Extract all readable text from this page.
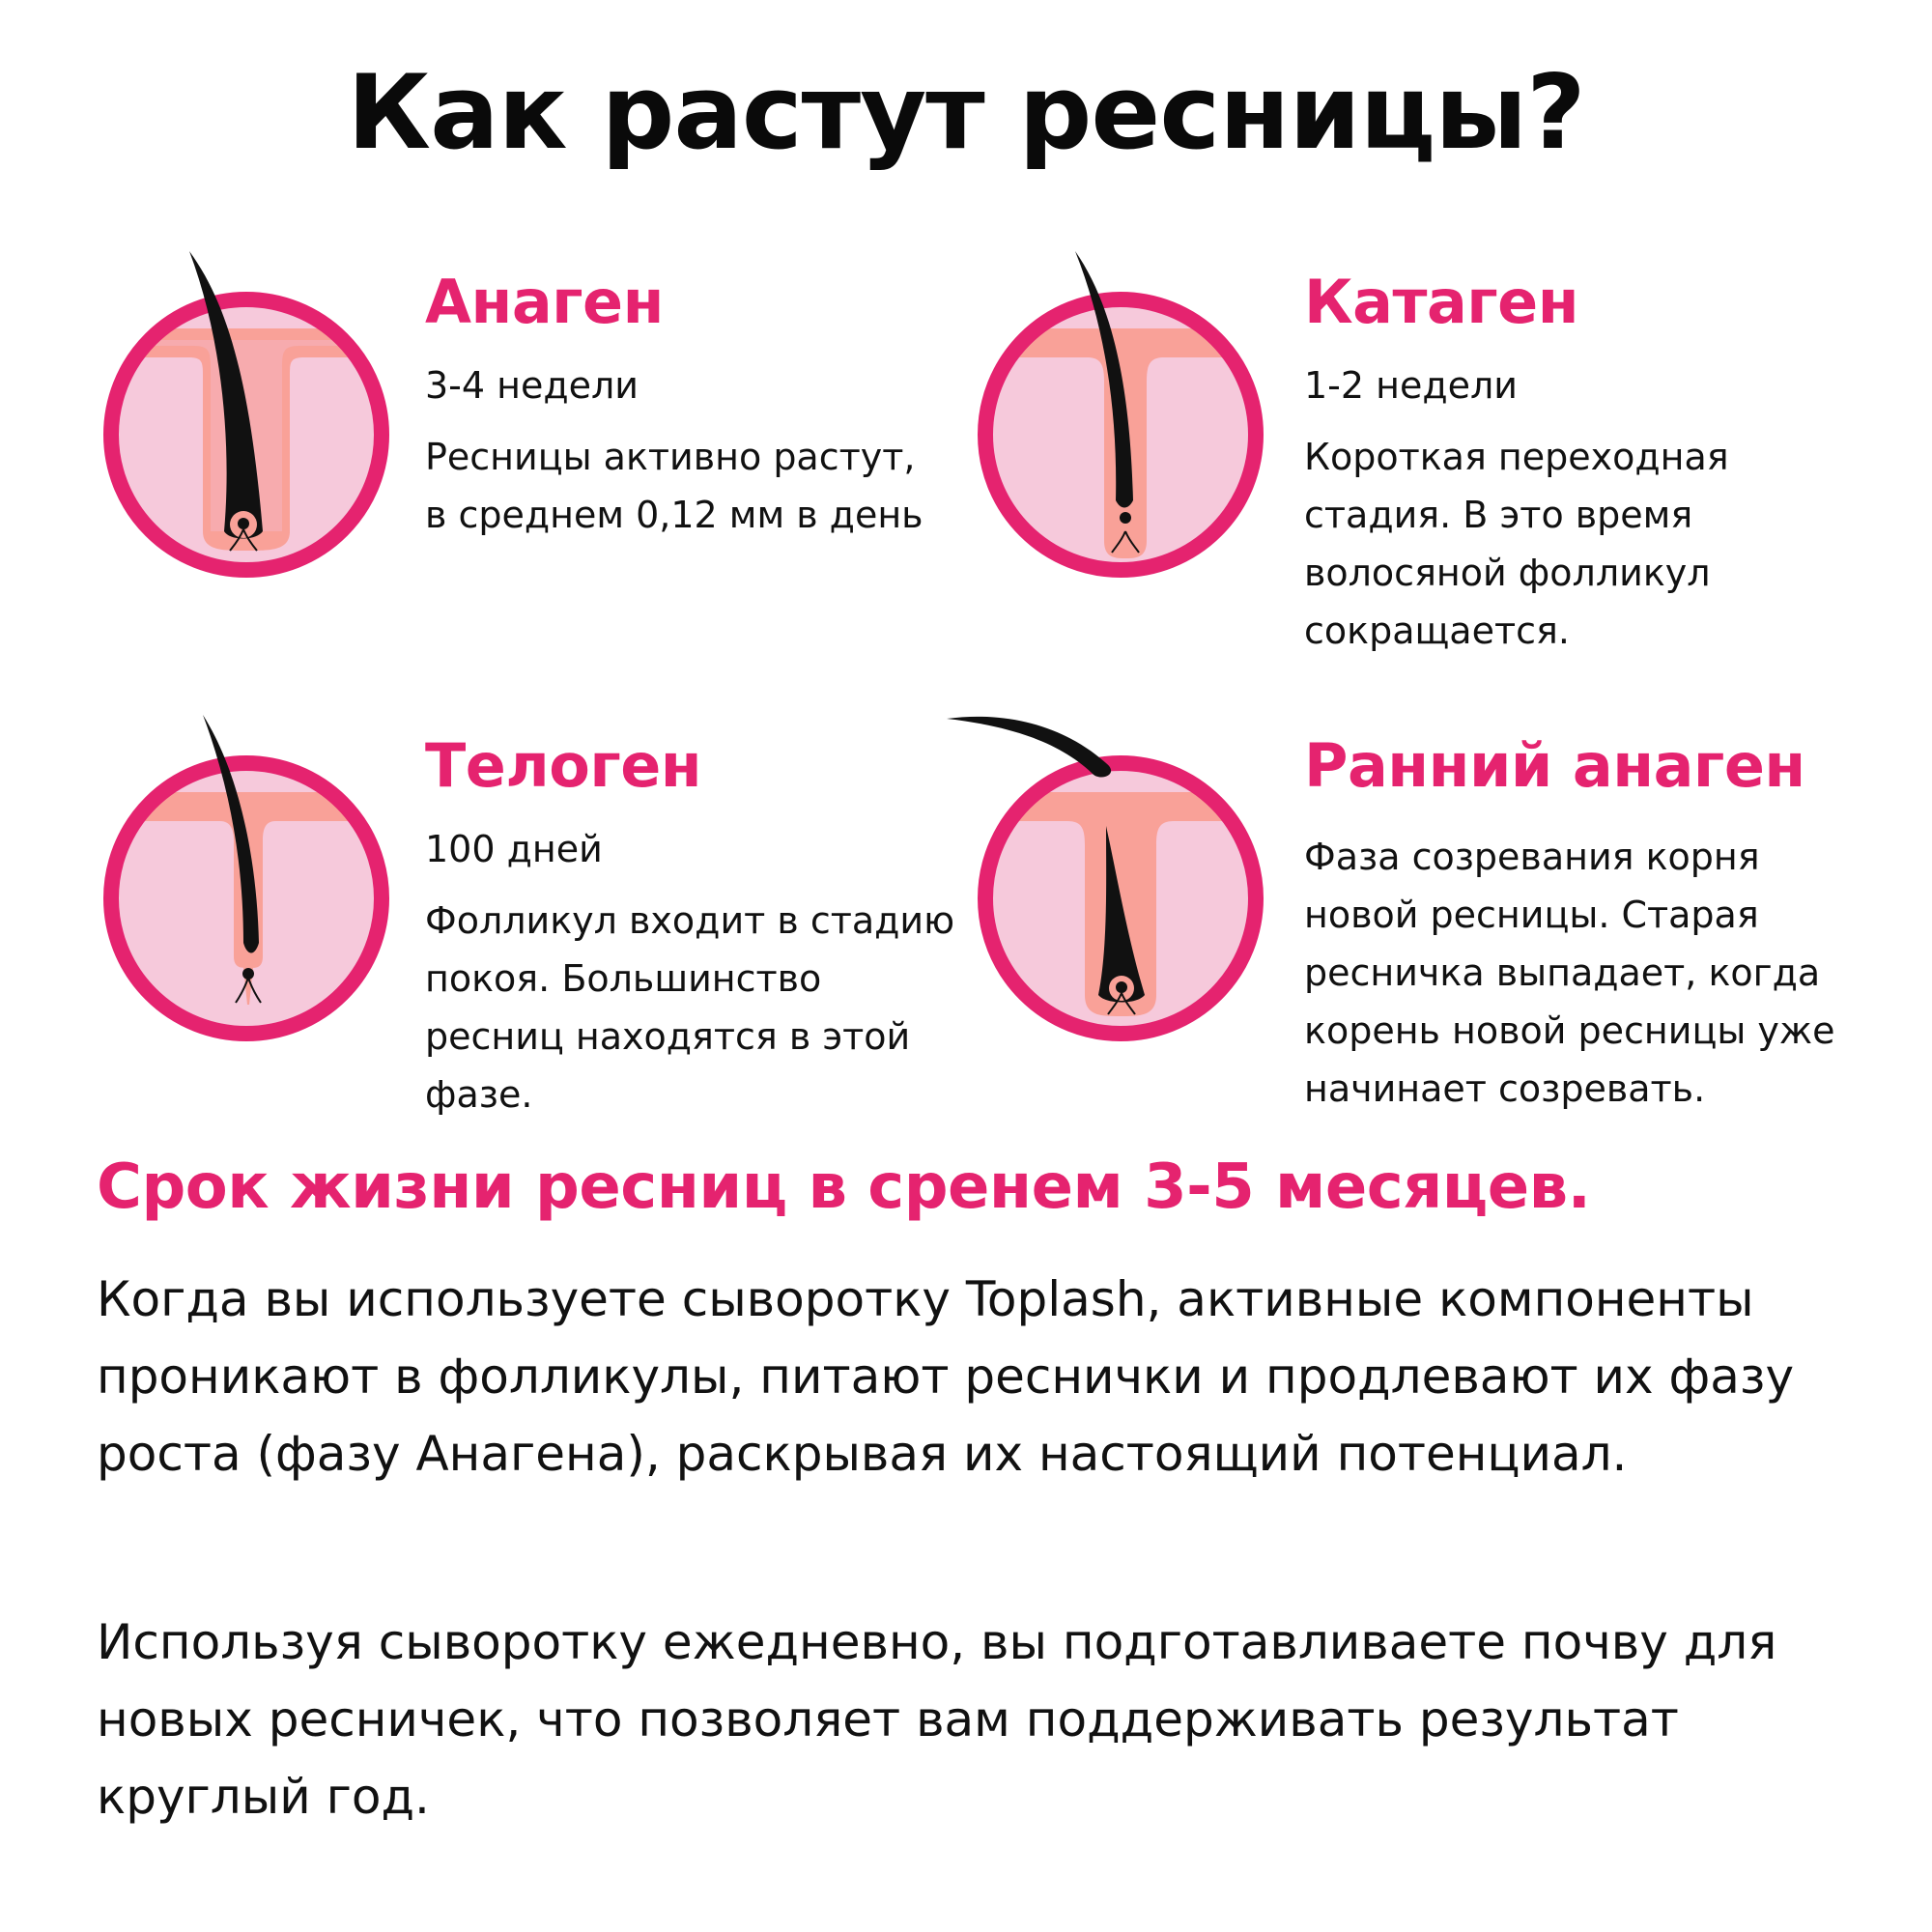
Как растут ресницы?
Анаген
3-4 недели
Ресницы активно растут, в среднем 0,12 мм в день
Катаген
1-2 недели
Короткая переходная стадия. В это время волосяной фолликул сокращается.
Телоген
100 дней
Фолликул входит в стадию покоя. Большинство ресниц находятся в этой фазе.
Ранний анаген
Фаза созревания корня новой ресницы. Старая ресничка выпадает, когда корень новой ресницы уже начинает созревать.
Срок жизни ресниц в сренем 3-5 месяцев.

Когда вы используете сыворотку Toplash, активные компоненты проникают в фолликулы, питают реснички и продлевают их фазу роста (фазу Анагена), раскрывая их настоящий потенциал.

Используя сыворотку ежедневно, вы подготавливаете почву для новых ресничек, что позволяет вам поддерживать результат круглый год.
